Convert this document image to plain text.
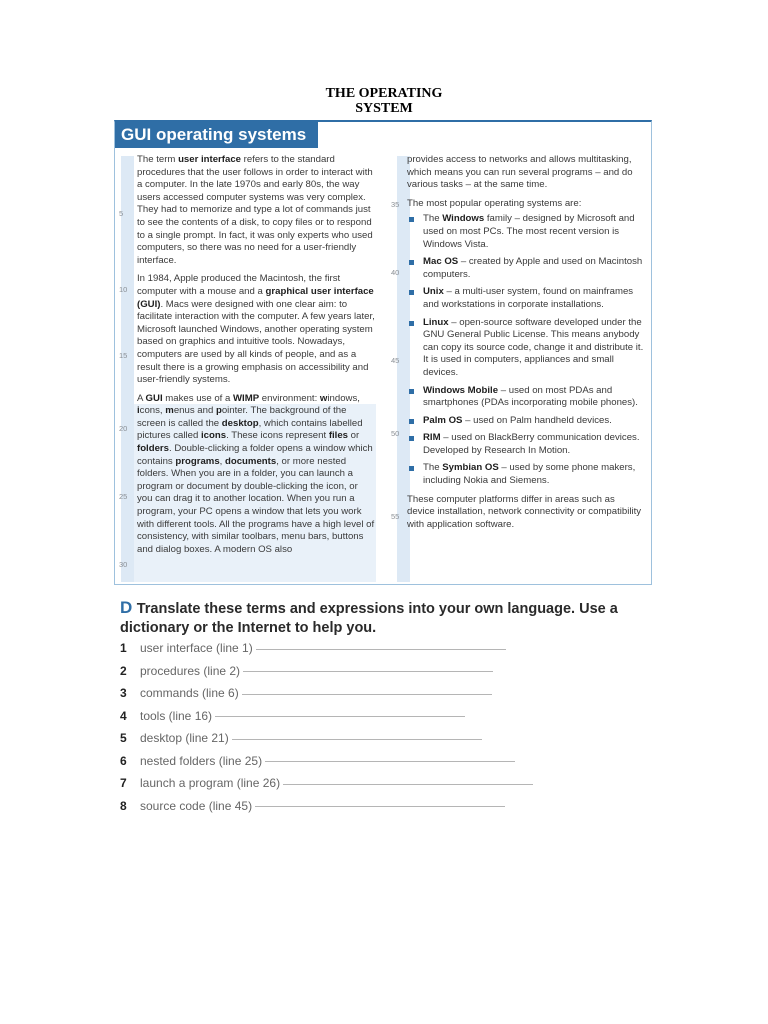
THE OPERATING
SYSTEM
GUI operating systems
5
10
15
20
25
30
35
40
45
50
55

The term user interface refers to the standard procedures that the user follows in order to interact with a computer. In the late 1970s and early 80s, the way users accessed computer systems was very complex. They had to memorize and type a lot of commands just to see the contents of a disk, to copy files or to respond to a single prompt. In fact, it was only experts who used computers, so there was no need for a user-friendly interface.

In 1984, Apple produced the Macintosh, the first computer with a mouse and a graphical user interface (GUI). Macs were designed with one clear aim: to facilitate interaction with the computer. A few years later, Microsoft launched Windows, another operating system based on graphics and intuitive tools. Nowadays, computers are used by all kinds of people, and as a result there is a growing emphasis on accessibility and user-friendly systems.

A GUI makes use of a WIMP environment: windows, icons, menus and pointer. The background of the screen is called the desktop, which contains labelled pictures called icons. These icons represent files or folders. Double-clicking a folder opens a window which contains programs, documents, or more nested folders. When you are in a folder, you can launch a program or document by double-clicking the icon, or you can drag it to another location. When you run a program, your PC opens a window that lets you work with different tools. All the programs have a high level of consistency, with similar toolbars, menu bars, buttons and dialog boxes. A modern OS also

provides access to networks and allows multitasking, which means you can run several programs – and do various tasks – at the same time.

The most popular operating systems are:

The Windows family – designed by Microsoft and used on most PCs. The most recent version is Windows Vista.
Mac OS – created by Apple and used on Macintosh computers.
Unix – a multi-user system, found on mainframes and workstations in corporate installations.
Linux – open-source software developed under the GNU General Public License. This means anybody can copy its source code, change it and distribute it. It is used in computers, appliances and small devices.
Windows Mobile – used on most PDAs and smartphones (PDAs incorporating mobile phones).
Palm OS – used on Palm handheld devices.
RIM – used on BlackBerry communication devices. Developed by Research In Motion.
The Symbian OS – used by some phone makers, including Nokia and Siemens.

These computer platforms differ in areas such as device installation, network connectivity or compatibility with application software.

D Translate these terms and expressions into your own language. Use a dictionary or the Internet to help you.
1 user interface (line 1)
2 procedures (line 2)
3 commands (line 6)
4 tools (line 16)
5 desktop (line 21)
6 nested folders (line 25)
7 launch a program (line 26)
8 source code (line 45)
